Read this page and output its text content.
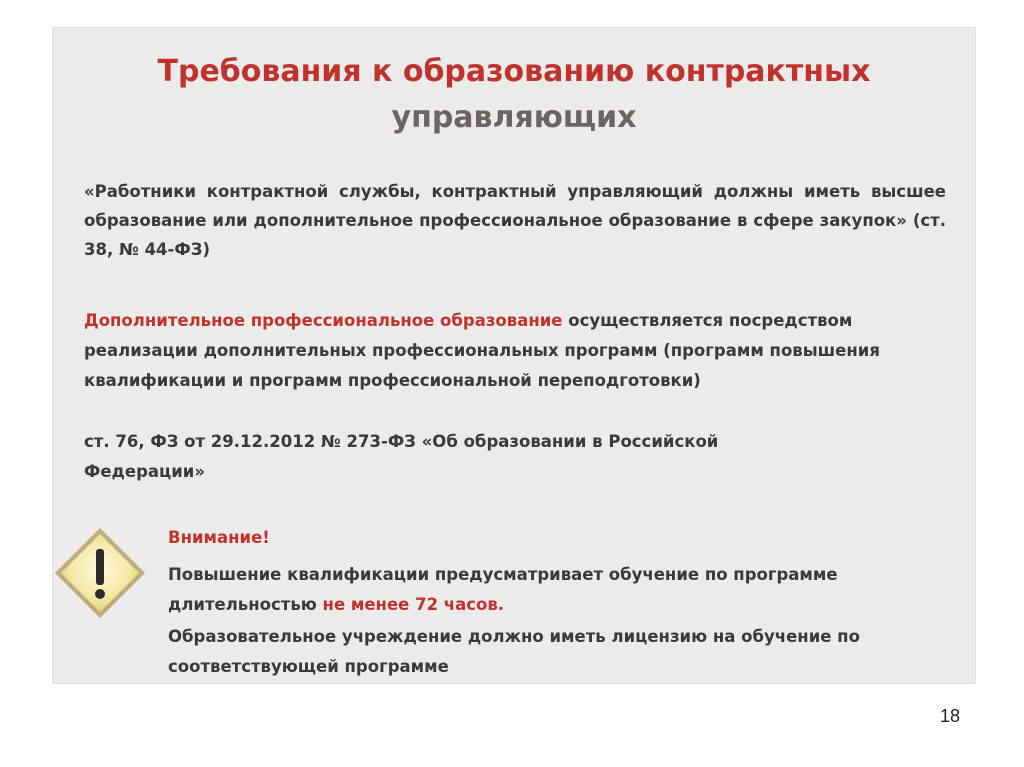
Требования к образованию контрактных
управляющих

«Работники контрактной службы, контрактный управляющий должны иметь высшее образование или дополнительное профессиональное образование в сфере закупок» (ст. 38, № 44-ФЗ)

Дополнительное профессиональное образование осуществляется посредством реализации дополнительных профессиональных программ (программ повышения квалификации и программ профессиональной переподготовки)

ст. 76, ФЗ от 29.12.2012 № 273-ФЗ «Об образовании в Российской Федерации»

Внимание!

Повышение квалификации предусматривает обучение по программе длительностью не менее 72 часов.

Образовательное учреждение должно иметь лицензию на обучение по соответствующей программе

18
